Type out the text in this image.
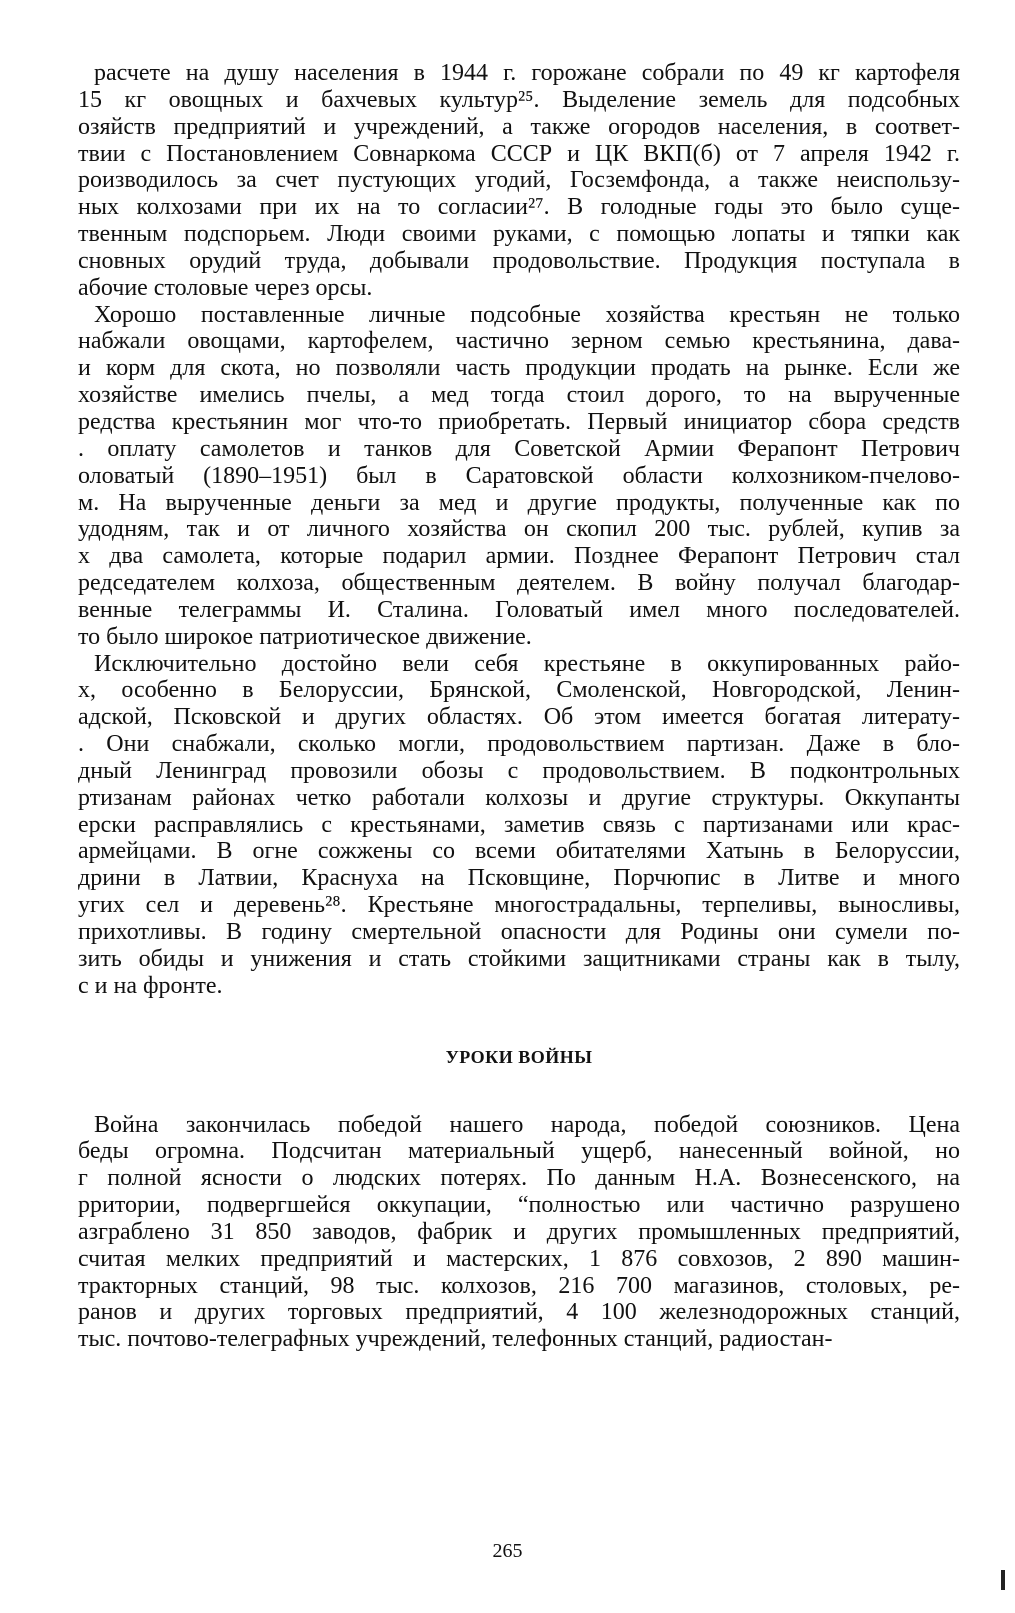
расчете на душу населения в 1944 г. горожане собрали по 49 кг картофеля
15 кг овощных и бахчевых культур²⁵. Выделение земель для подсобных
озяйств предприятий и учреждений, а также огородов населения, в соответ-
твии с Постановлением Совнаркома СССР и ЦК ВКП(б) от 7 апреля 1942 г.
роизводилось за счет пустующих угодий, Госземфонда, а также неиспользу-
ных колхозами при их на то согласии²⁷. В голодные годы это было суще-
твенным подспорьем. Люди своими руками, с помощью лопаты и тяпки как
сновных орудий труда, добывали продовольствие. Продукция поступала в
абочие столовые через орсы.
Хорошо поставленные личные подсобные хозяйства крестьян не только
набжали овощами, картофелем, частично зерном семью крестьянина, дава-
и корм для скота, но позволяли часть продукции продать на рынке. Если же
хозяйстве имелись пчелы, а мед тогда стоил дорого, то на вырученные
редства крестьянин мог что-то приобретать. Первый инициатор сбора средств
. оплату самолетов и танков для Советской Армии Ферапонт Петрович
оловатый (1890–1951) был в Саратовской области колхозником-пчелово-
м. На вырученные деньги за мед и другие продукты, полученные как по
удодням, так и от личного хозяйства он скопил 200 тыс. рублей, купив за
х два самолета, которые подарил армии. Позднее Ферапонт Петрович стал
редседателем колхоза, общественным деятелем. В войну получал благодар-
венные телеграммы И. Сталина. Головатый имел много последователей.
то было широкое патриотическое движение.
Исключительно достойно вели себя крестьяне в оккупированных райо-
х, особенно в Белоруссии, Брянской, Смоленской, Новгородской, Ленин-
адской, Псковской и других областях. Об этом имеется богатая литерату-
. Они снабжали, сколько могли, продовольствием партизан. Даже в бло-
дный Ленинград провозили обозы с продовольствием. В подконтрольных
ртизанам районах четко работали колхозы и другие структуры. Оккупанты
ерски расправлялись с крестьянами, заметив связь с партизанами или крас-
армейцами. В огне сожжены со всеми обитателями Хатынь в Белоруссии,
дрини в Латвии, Краснуха на Псковщине, Порчюпис в Литве и много
угих сел и деревень²⁸. Крестьяне многострадальны, терпеливы, выносливы,
прихотливы. В годину смертельной опасности для Родины они сумели по-
зить обиды и унижения и стать стойкими защитниками страны как в тылу,
с и на фронте.
УРОКИ ВОЙНЫ
Война закончилась победой нашего народа, победой союзников. Цена
беды огромна. Подсчитан материальный ущерб, нанесенный войной, но
г полной ясности о людских потерях. По данным Н.А. Вознесенского, на
рритории, подвергшейся оккупации, “полностью или частично разрушено
азграблено 31 850 заводов, фабрик и других промышленных предприятий,
считая мелких предприятий и мастерских, 1 876 совхозов, 2 890 машин-
тракторных станций, 98 тыс. колхозов, 216 700 магазинов, столовых, ре-
ранов и других торговых предприятий, 4 100 железнодорожных станций,
тыс. почтово-телеграфных учреждений, телефонных станций, радиостан-
265
